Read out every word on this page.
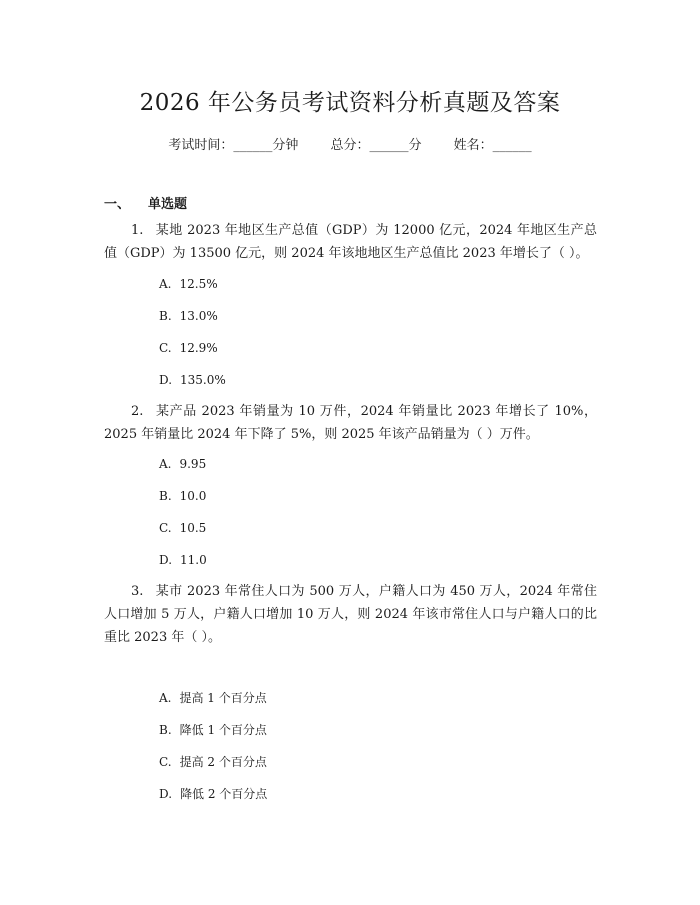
2026 年公务员考试资料分析真题及答案
考试时间：______分钟 总分：______分 姓名：______
一、 单选题
1. 某地 2023 年地区生产总值（GDP）为 12000 亿元，2024 年地区生产总值（GDP）为 13500 亿元，则 2024 年该地地区生产总值比 2023 年增长了（ ）。
A. 12.5%
B. 13.0%
C. 12.9%
D. 135.0%
2. 某产品 2023 年销量为 10 万件，2024 年销量比 2023 年增长了 10%，2025 年销量比 2024 年下降了 5%，则 2025 年该产品销量为（ ）万件。
A. 9.95
B. 10.0
C. 10.5
D. 11.0
3. 某市 2023 年常住人口为 500 万人，户籍人口为 450 万人，2024 年常住人口增加 5 万人，户籍人口增加 10 万人，则 2024 年该市常住人口与户籍人口的比重比 2023 年（ ）。
A. 提高 1 个百分点
B. 降低 1 个百分点
C. 提高 2 个百分点
D. 降低 2 个百分点
